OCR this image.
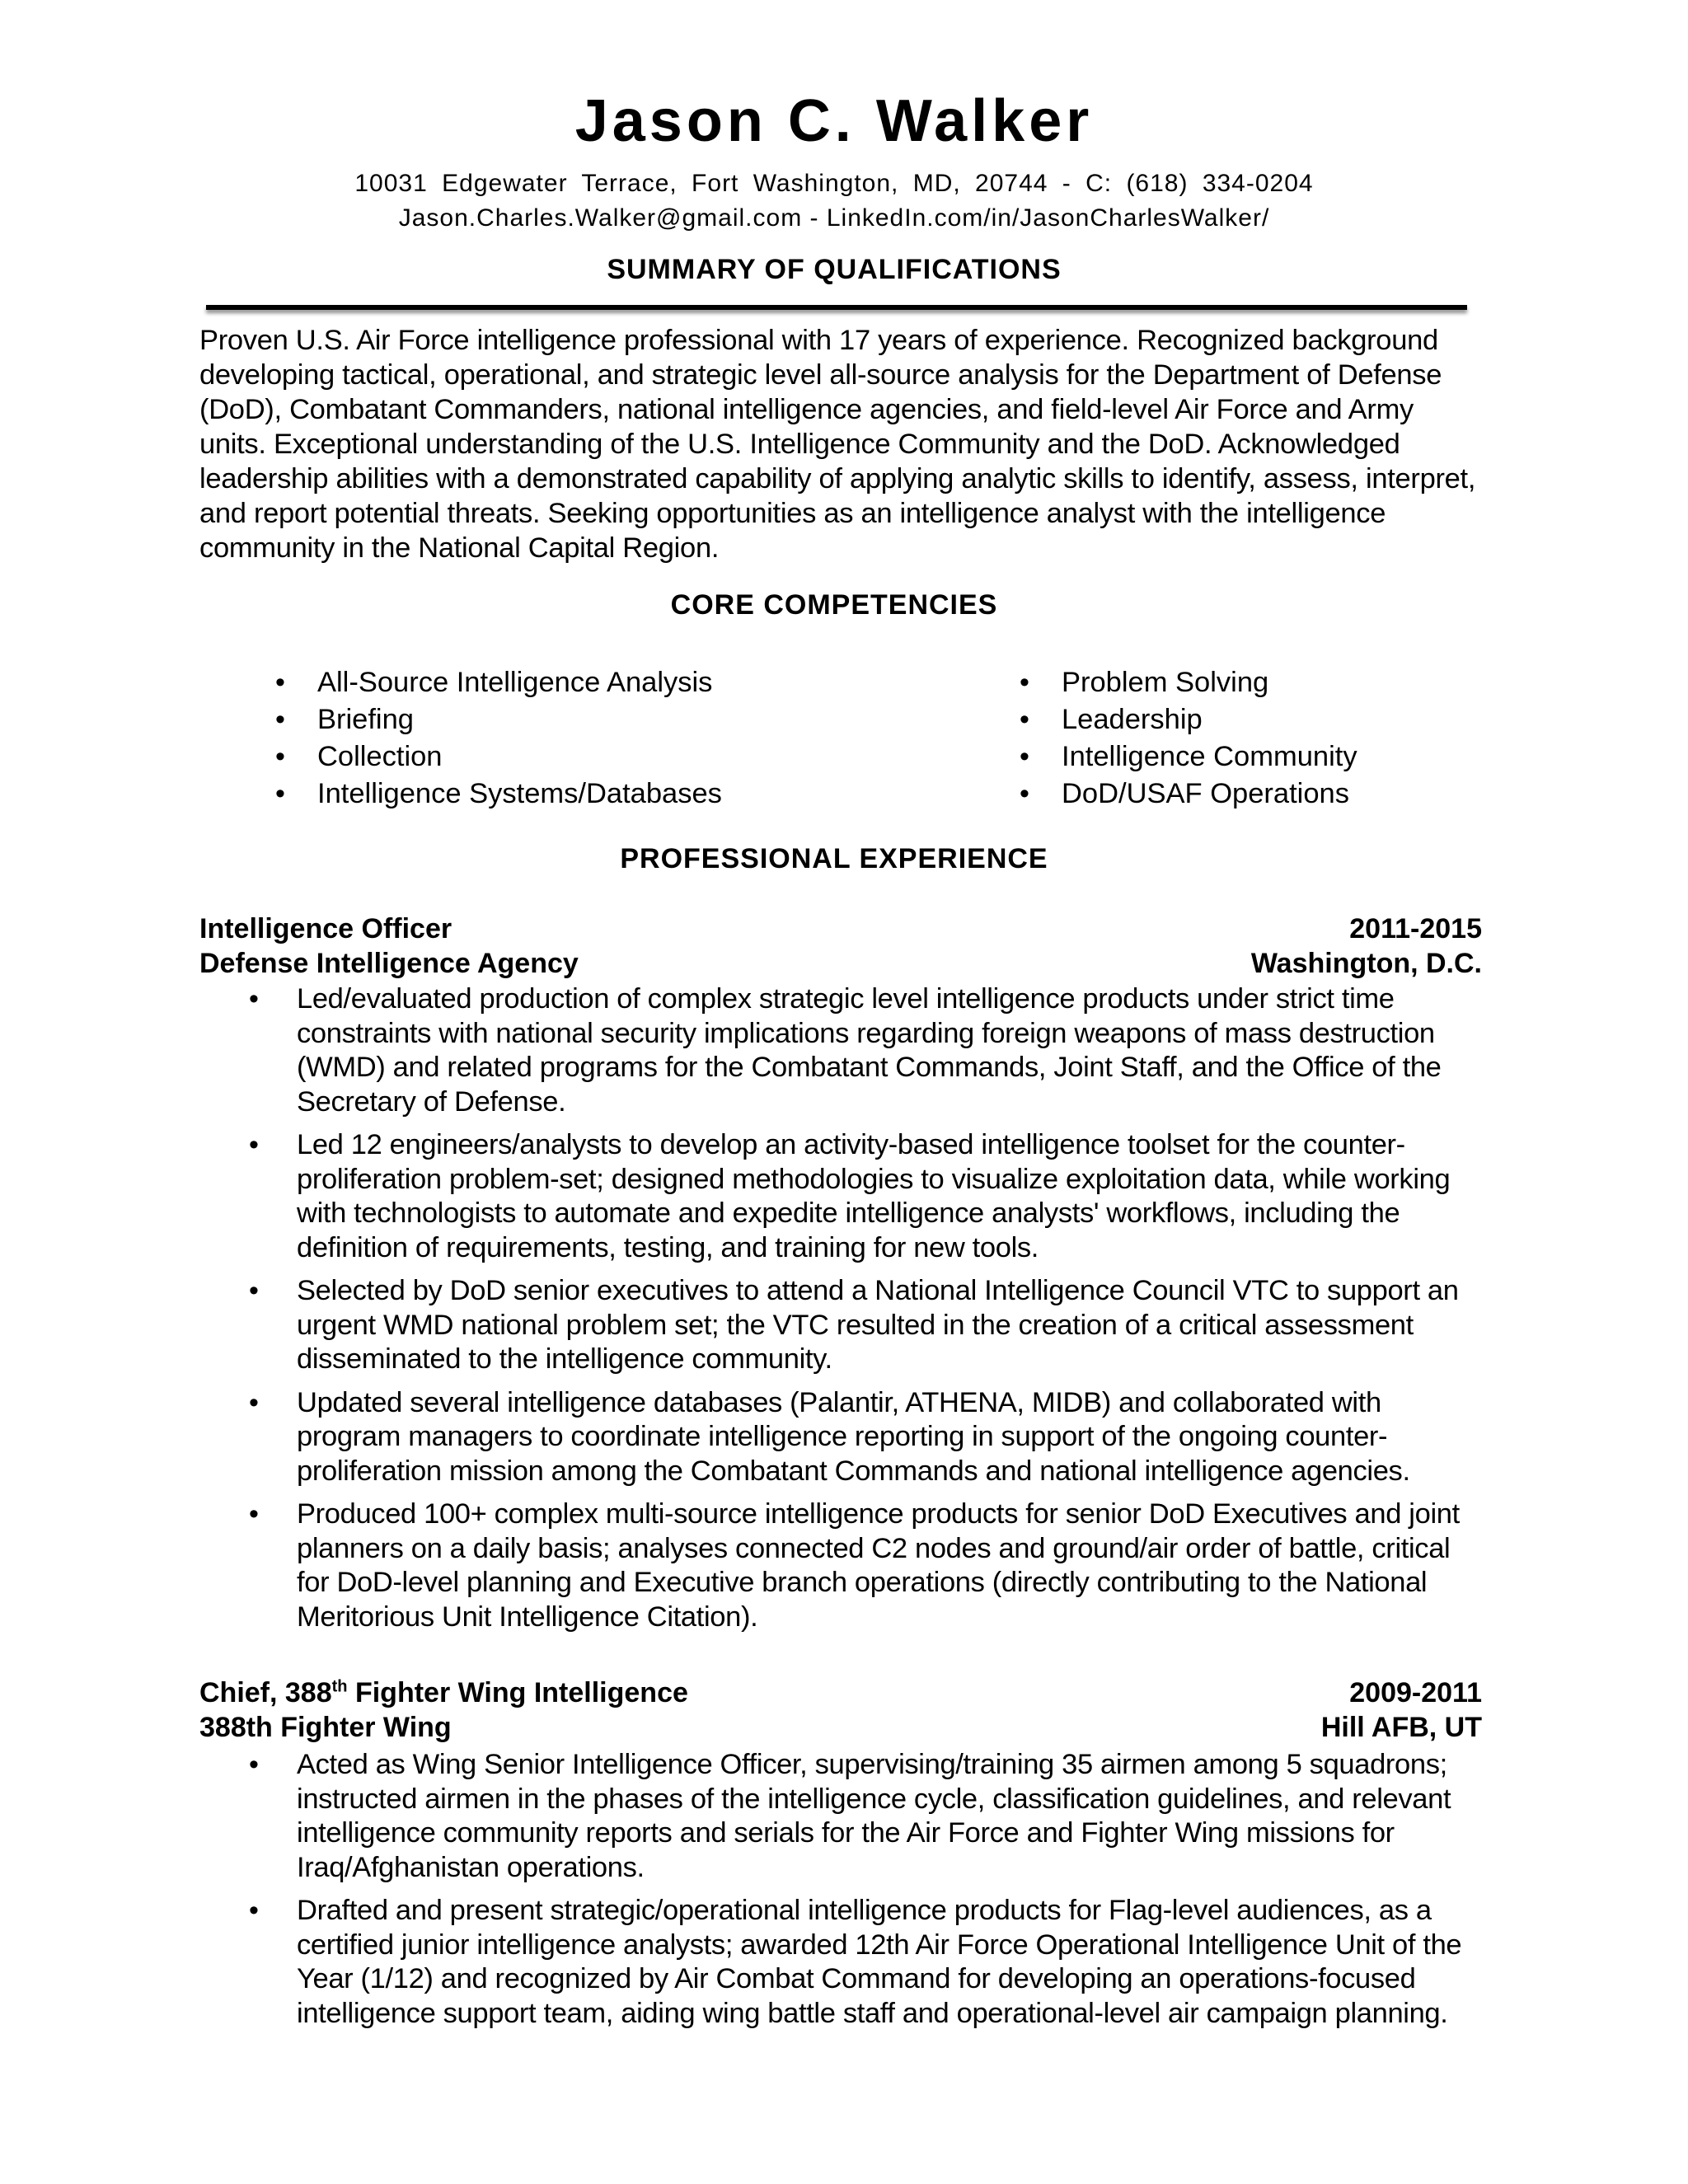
Jason C. Walker
10031 Edgewater Terrace, Fort Washington, MD, 20744 - C: (618) 334-0204
Jason.Charles.Walker@gmail.com - LinkedIn.com/in/JasonCharlesWalker/
SUMMARY OF QUALIFICATIONS
Proven U.S. Air Force intelligence professional with 17 years of experience. Recognized background developing tactical, operational, and strategic level all-source analysis for the Department of Defense (DoD), Combatant Commanders, national intelligence agencies, and field-level Air Force and Army units. Exceptional understanding of the U.S. Intelligence Community and the DoD. Acknowledged leadership abilities with a demonstrated capability of applying analytic skills to identify, assess, interpret, and report potential threats. Seeking opportunities as an intelligence analyst with the intelligence community in the National Capital Region.
CORE COMPETENCIES
• All-Source Intelligence Analysis
• Briefing
• Collection
• Intelligence Systems/Databases
• Problem Solving
• Leadership
• Intelligence Community
• DoD/USAF Operations
PROFESSIONAL EXPERIENCE
Intelligence Officer	2011-2015
Defense Intelligence Agency	Washington, D.C.
• Led/evaluated production of complex strategic level intelligence products under strict time constraints with national security implications regarding foreign weapons of mass destruction (WMD) and related programs for the Combatant Commands, Joint Staff, and the Office of the Secretary of Defense.
• Led 12 engineers/analysts to develop an activity-based intelligence toolset for the counter-proliferation problem-set; designed methodologies to visualize exploitation data, while working with technologists to automate and expedite intelligence analysts' workflows, including the definition of requirements, testing, and training for new tools.
• Selected by DoD senior executives to attend a National Intelligence Council VTC to support an urgent WMD national problem set; the VTC resulted in the creation of a critical assessment disseminated to the intelligence community.
• Updated several intelligence databases (Palantir, ATHENA, MIDB) and collaborated with program managers to coordinate intelligence reporting in support of the ongoing counter-proliferation mission among the Combatant Commands and national intelligence agencies.
• Produced 100+ complex multi-source intelligence products for senior DoD Executives and joint planners on a daily basis; analyses connected C2 nodes and ground/air order of battle, critical for DoD-level planning and Executive branch operations (directly contributing to the National Meritorious Unit Intelligence Citation).
Chief, 388th Fighter Wing Intelligence	2009-2011
388th Fighter Wing	Hill AFB, UT
• Acted as Wing Senior Intelligence Officer, supervising/training 35 airmen among 5 squadrons; instructed airmen in the phases of the intelligence cycle, classification guidelines, and relevant intelligence community reports and serials for the Air Force and Fighter Wing missions for Iraq/Afghanistan operations.
• Drafted and present strategic/operational intelligence products for Flag-level audiences, as a certified junior intelligence analysts; awarded 12th Air Force Operational Intelligence Unit of the Year (1/12) and recognized by Air Combat Command for developing an operations-focused intelligence support team, aiding wing battle staff and operational-level air campaign planning.
